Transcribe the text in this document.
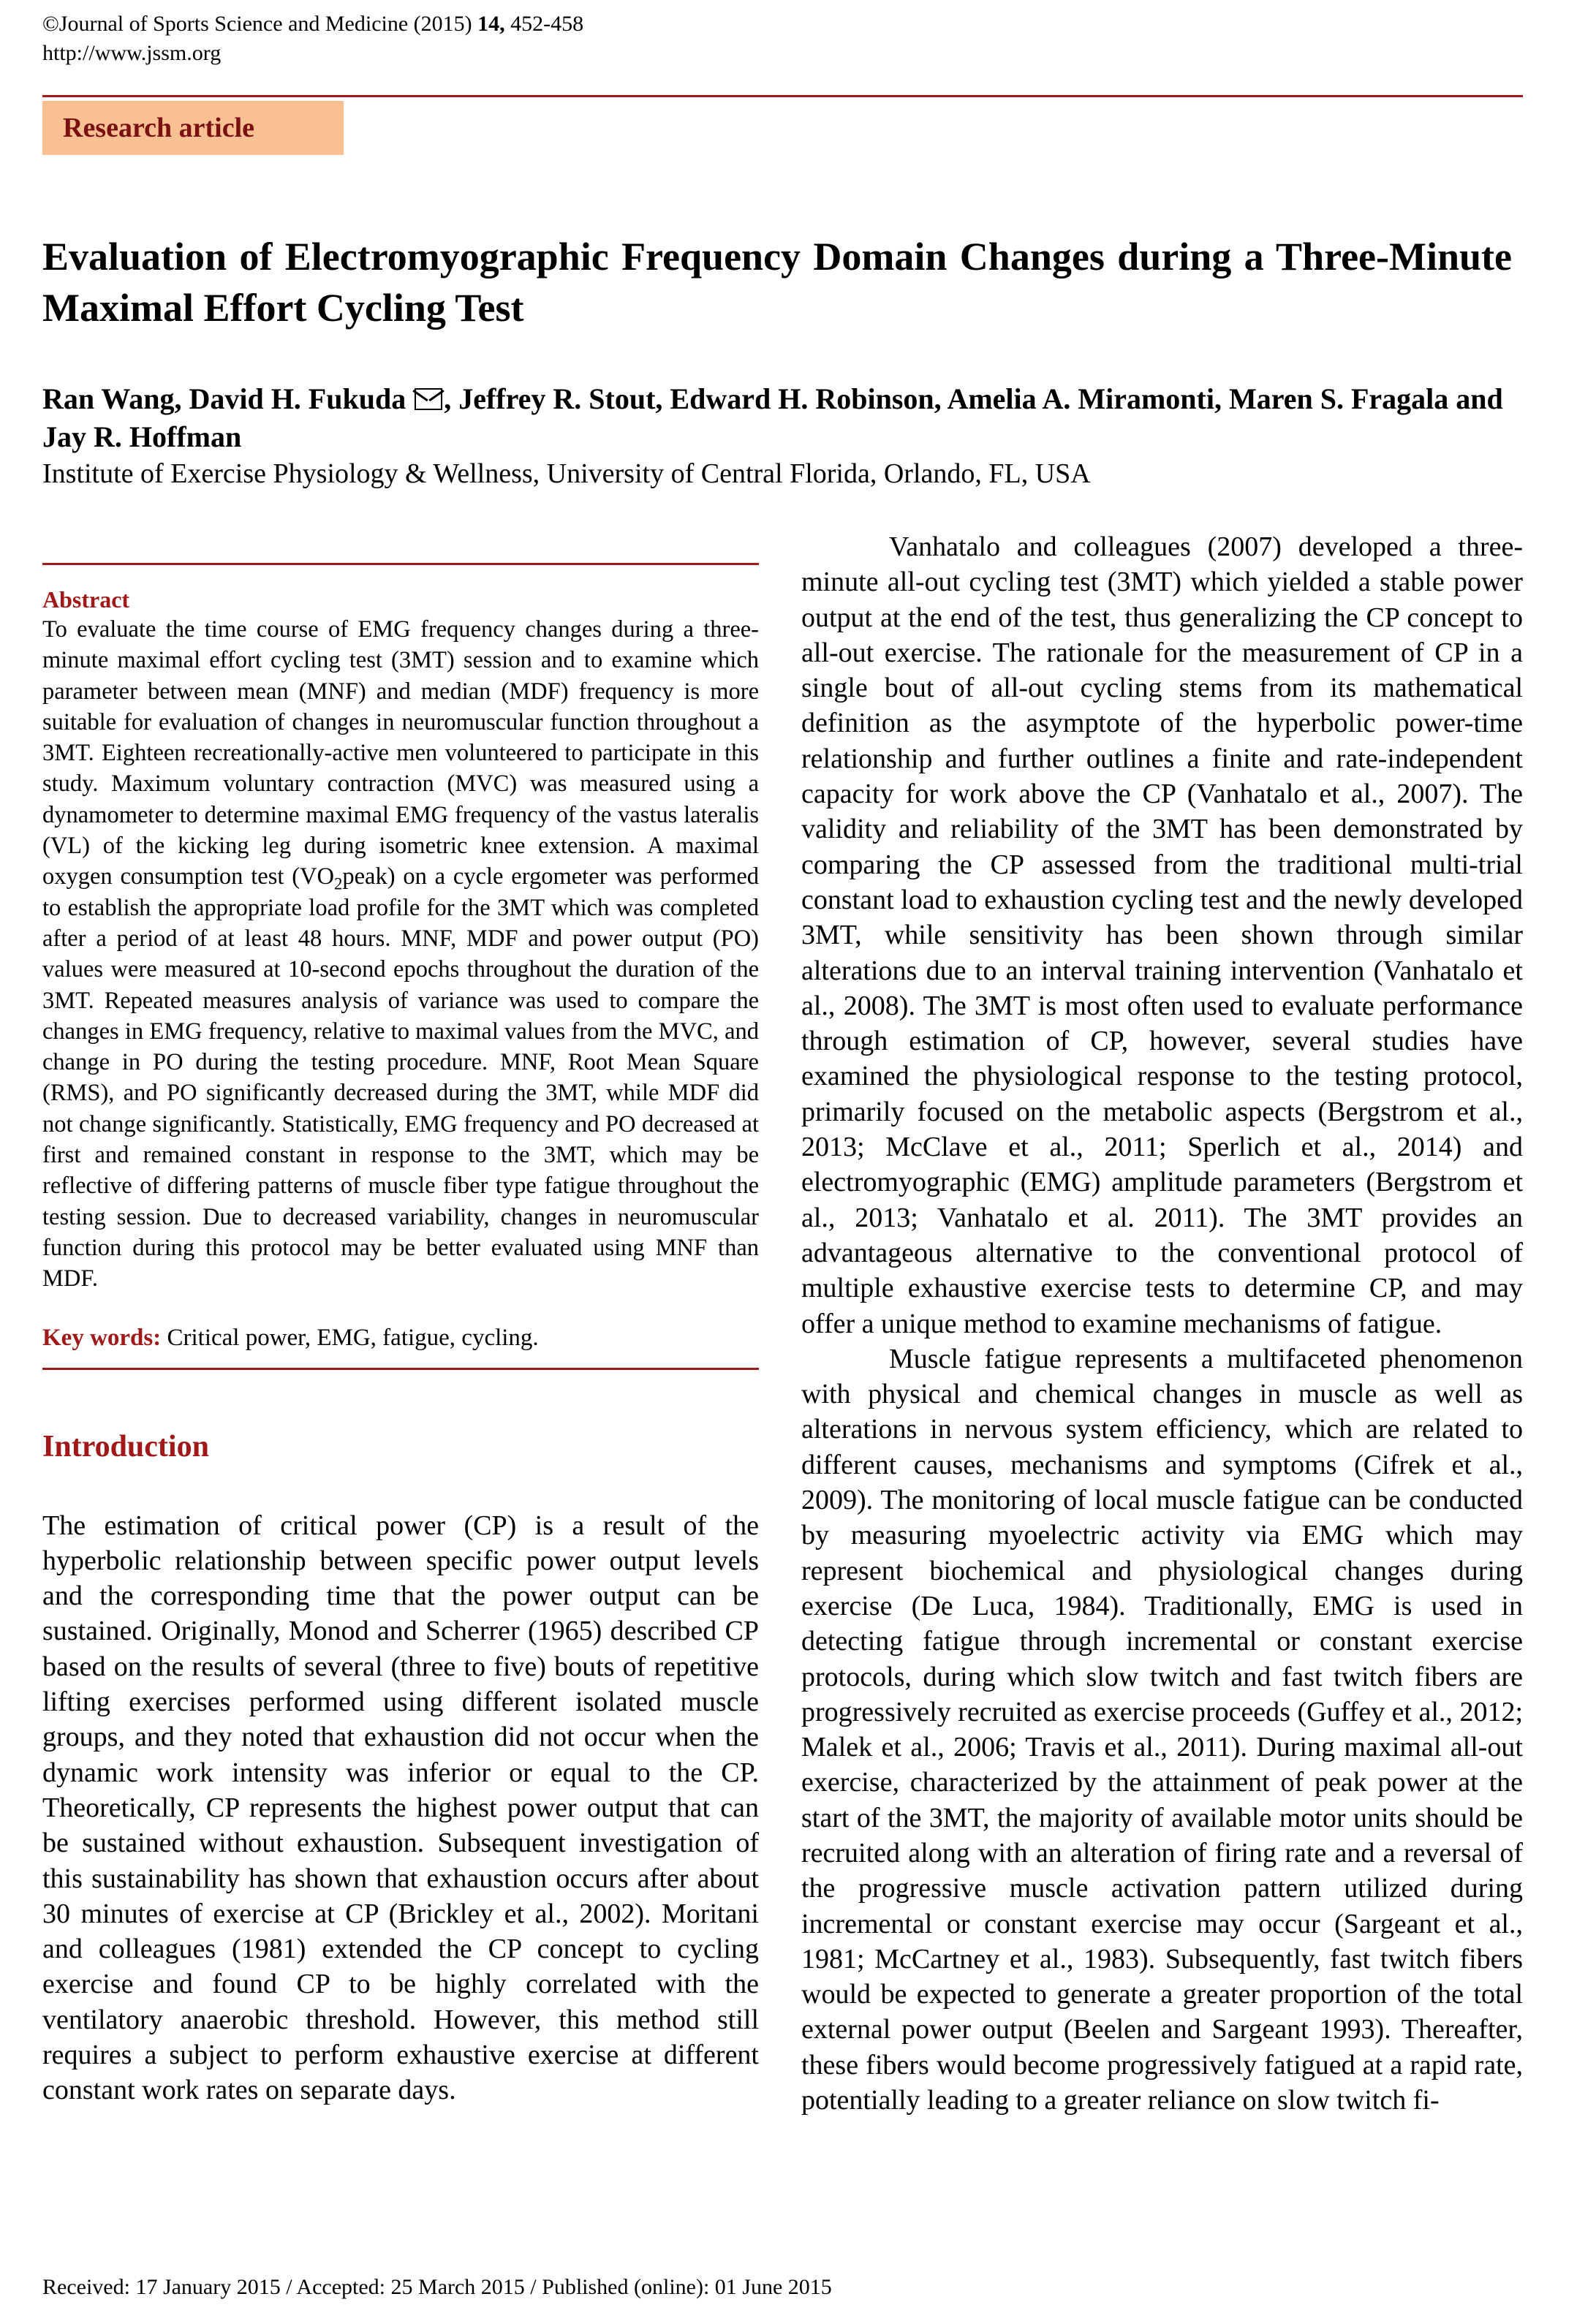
©Journal of Sports Science and Medicine (2015) 14, 452-458
http://www.jssm.org
Research article
Evaluation of Electromyographic Frequency Domain Changes during a Three-Minute Maximal Effort Cycling Test
Ran Wang, David H. Fukuda , Jeffrey R. Stout, Edward H. Robinson, Amelia A. Miramonti, Maren S. Fragala and Jay R. Hoffman
Institute of Exercise Physiology & Wellness, University of Central Florida, Orlando, FL, USA
Abstract

To evaluate the time course of EMG frequency changes during a three-minute maximal effort cycling test (3MT) session and to examine which parameter between mean (MNF) and median (MDF) frequency is more suitable for evaluation of changes in neuromuscular function throughout a 3MT. Eighteen recreationally-active men volunteered to participate in this study. Maximum voluntary contraction (MVC) was measured using a dynamometer to determine maximal EMG frequency of the vastus lateralis (VL) of the kicking leg during isometric knee extension. A maximal oxygen consumption test $(VO_2peak)$ on a cycle ergometer was performed to establish the appropriate load profile for the 3MT which was completed after a period of at least 48 hours. MNF, MDF and power output (PO) values were measured at 10-second epochs throughout the duration of the 3MT. Repeated measures analysis of variance was used to compare the changes in EMG frequency, relative to maximal values from the MVC, and change in PO during the testing procedure. MNF, Root Mean Square (RMS), and PO significantly decreased during the 3MT, while MDF did not change significantly. Statistically, EMG frequency and PO decreased at first and remained constant in response to the 3MT, which may be reflective of differing patterns of muscle fiber type fatigue throughout the testing session. Due to decreased variability, changes in neuromuscular function during this protocol may be better evaluated using MNF than MDF.

Key words: Critical power, EMG, fatigue, cycling.
Introduction

The estimation of critical power (CP) is a result of the hyperbolic relationship between specific power output levels and the corresponding time that the power output can be sustained. Originally, Monod and Scherrer (1965) described CP based on the results of several (three to five) bouts of repetitive lifting exercises performed using different isolated muscle groups, and they noted that exhaustion did not occur when the dynamic work intensity was inferior or equal to the CP. Theoretically, CP represents the highest power output that can be sustained without exhaustion. Subsequent investigation of this sustainability has shown that exhaustion occurs after about 30 minutes of exercise at CP (Brickley et al., 2002). Moritani and colleagues (1981) extended the CP concept to cycling exercise and found CP to be highly correlated with the ventilatory anaerobic threshold. However, this method still requires a subject to perform exhaustive exercise at different constant work rates on separate days.

Vanhatalo and colleagues (2007) developed a three-minute all-out cycling test (3MT) which yielded a stable power output at the end of the test, thus generalizing the CP concept to all-out exercise. The rationale for the measurement of CP in a single bout of all-out cycling stems from its mathematical definition as the asymptote of the hyperbolic power-time relationship and further outlines a finite and rate-independent capacity for work above the CP (Vanhatalo et al., 2007). The validity and reliability of the 3MT has been demonstrated by comparing the CP assessed from the traditional multi-trial constant load to exhaustion cycling test and the newly developed 3MT, while sensitivity has been shown through similar alterations due to an interval training intervention (Vanhatalo et al., 2008). The 3MT is most often used to evaluate performance through estimation of CP, however, several studies have examined the physiological response to the testing protocol, primarily focused on the metabolic aspects (Bergstrom et al., 2013; McClave et al., 2011; Sperlich et al., 2014) and electromyographic (EMG) amplitude parameters (Bergstrom et al., 2013; Vanhatalo et al. 2011). The 3MT provides an advantageous alternative to the conventional protocol of multiple exhaustive exercise tests to determine CP, and may offer a unique method to examine mechanisms of fatigue.

Muscle fatigue represents a multifaceted phenomenon with physical and chemical changes in muscle as well as alterations in nervous system efficiency, which are related to different causes, mechanisms and symptoms (Cifrek et al., 2009). The monitoring of local muscle fatigue can be conducted by measuring myoelectric activity via EMG which may represent biochemical and physiological changes during exercise (De Luca, 1984). Traditionally, EMG is used in detecting fatigue through incremental or constant exercise protocols, during which slow twitch and fast twitch fibers are progressively recruited as exercise proceeds (Guffey et al., 2012; Malek et al., 2006; Travis et al., 2011). During maximal all-out exercise, characterized by the attainment of peak power at the start of the 3MT, the majority of available motor units should be recruited along with an alteration of firing rate and a reversal of the progressive muscle activation pattern utilized during incremental or constant exercise may occur (Sargeant et al., 1981; McCartney et al., 1983). Subsequently, fast twitch fibers would be expected to generate a greater proportion of the total external power output (Beelen and Sargeant 1993). Thereafter, these fibers would become progressively fatigued at a rapid rate, potentially leading to a greater reliance on slow twitch fi-

Received: 17 January 2015 / Accepted: 25 March 2015 / Published (online): 01 June 2015
